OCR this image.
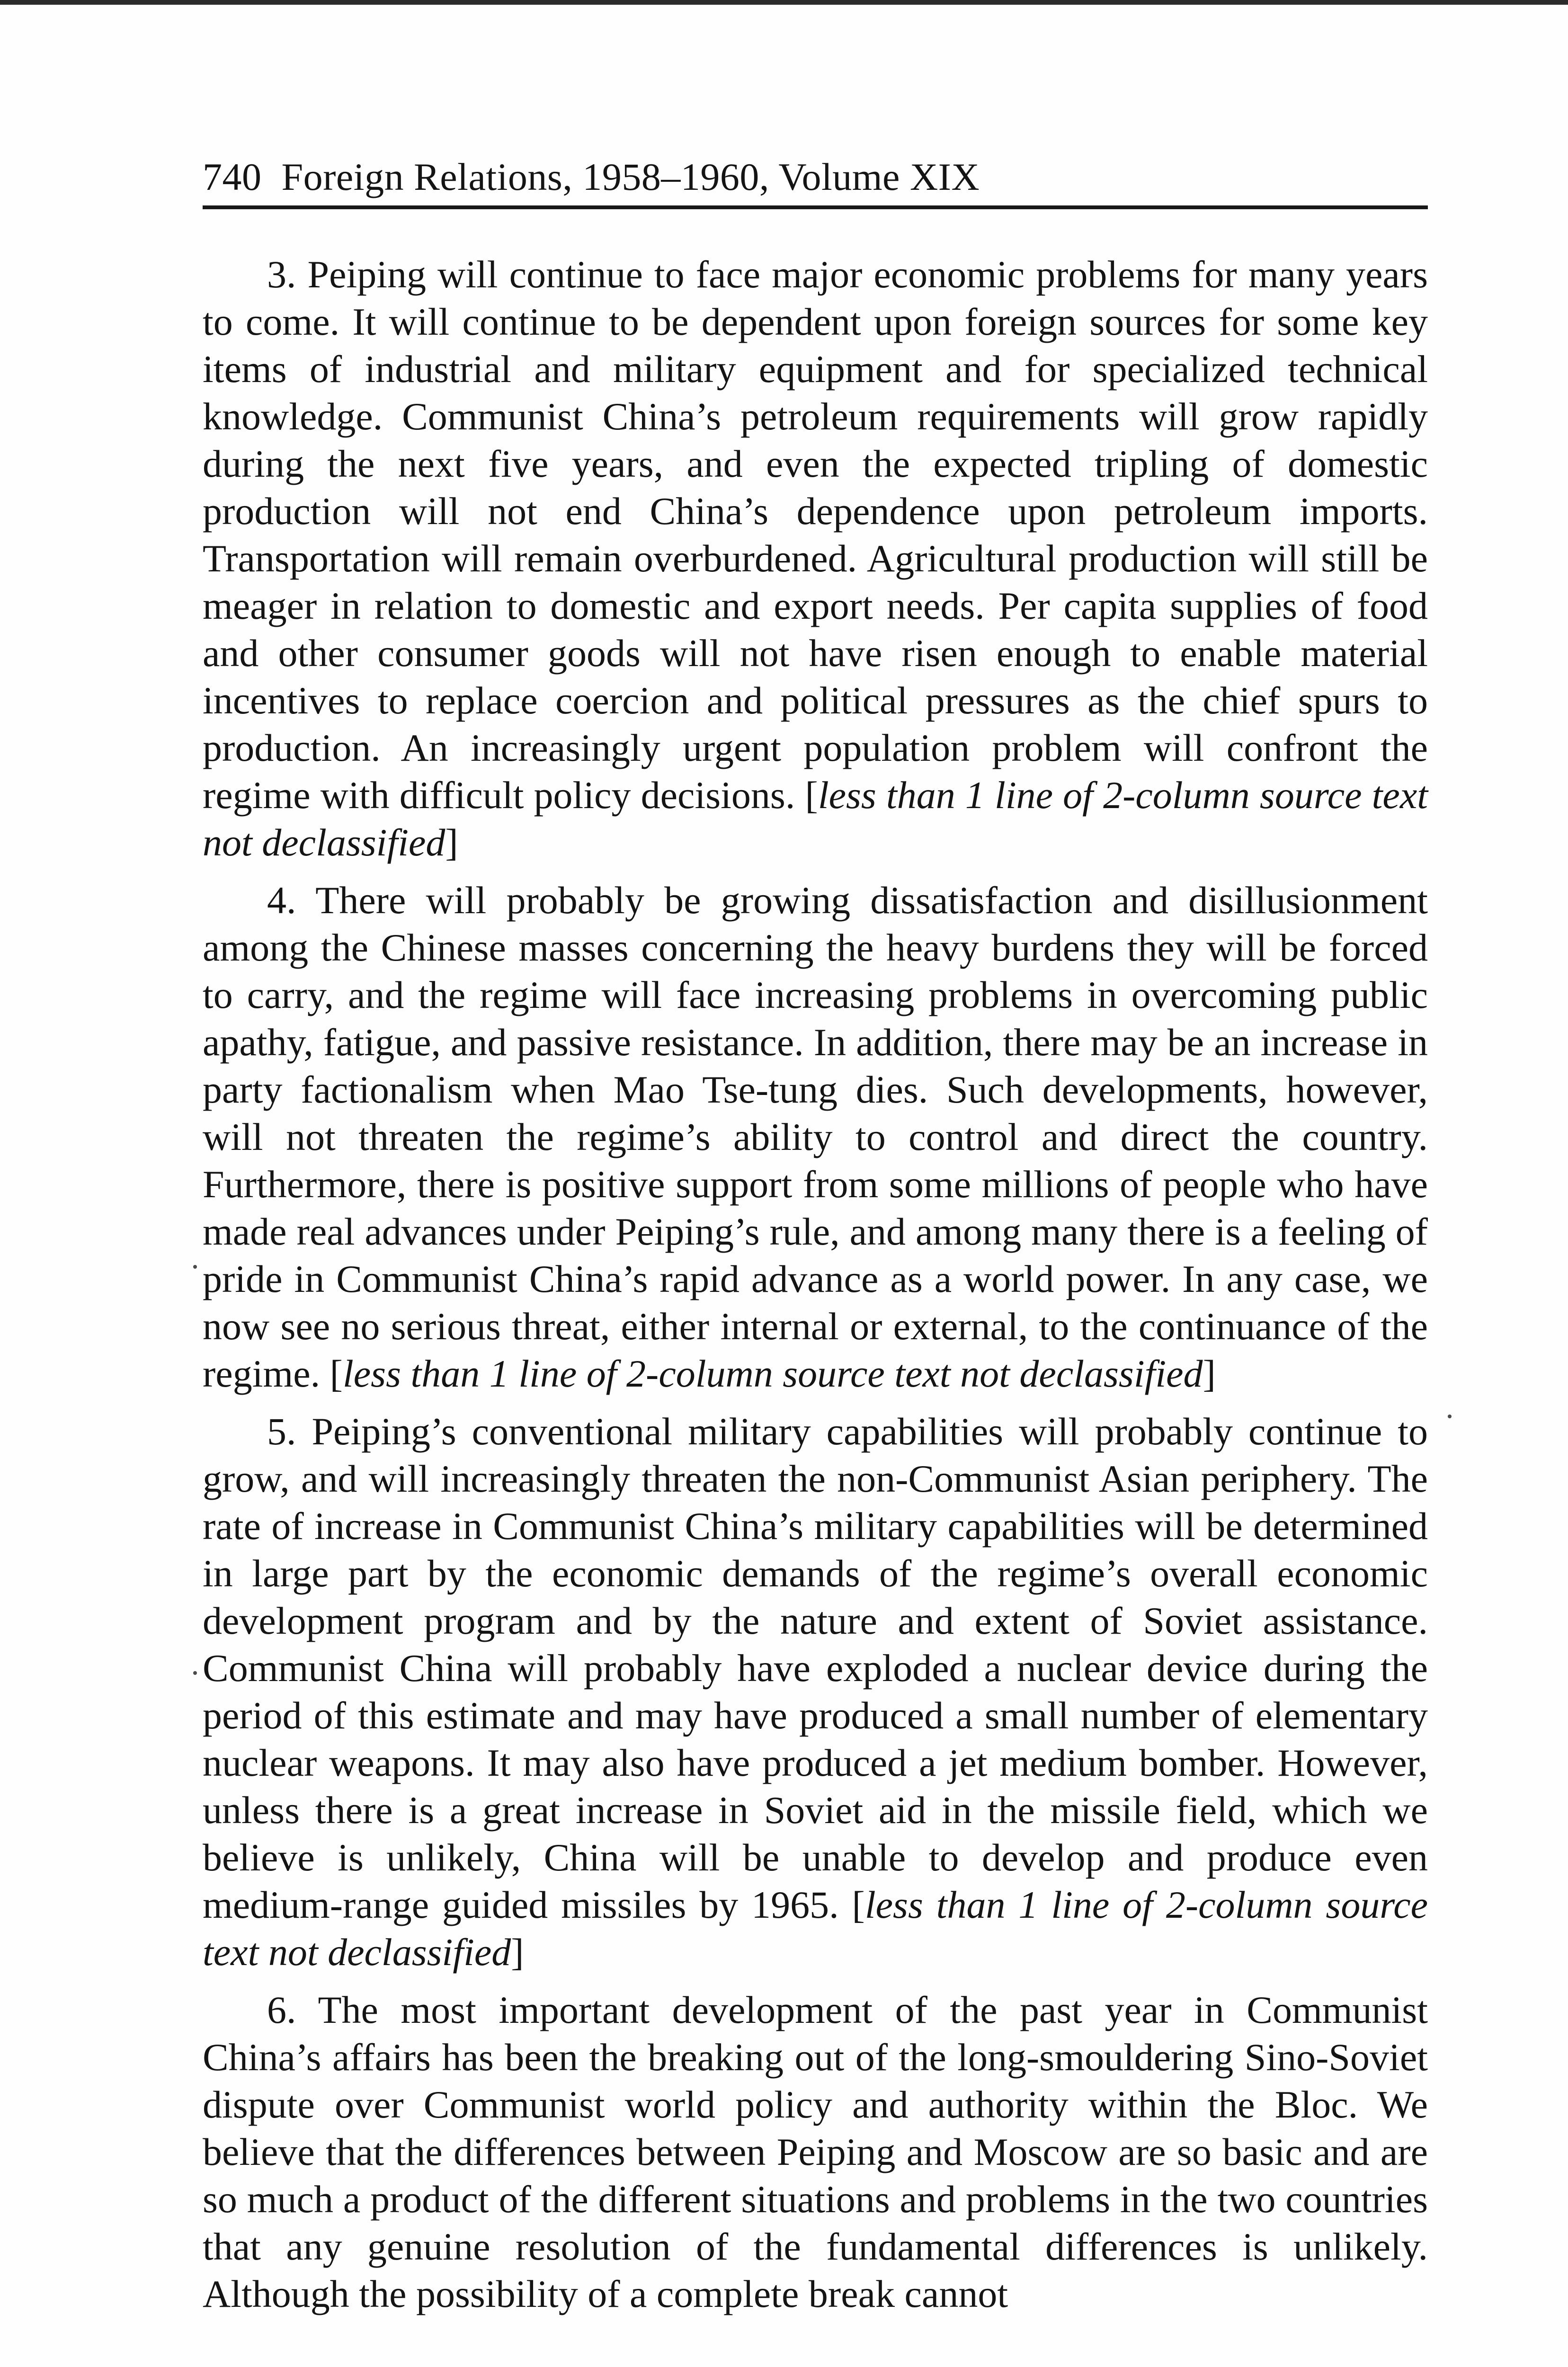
740 Foreign Relations, 1958–1960, Volume XIX

3. Peiping will continue to face major economic problems for many years to come. It will continue to be dependent upon foreign sources for some key items of industrial and military equipment and for specialized technical knowledge. Communist China’s petroleum requirements will grow rapidly during the next five years, and even the expected tripling of domestic production will not end China’s dependence upon petroleum imports. Transportation will remain overburdened. Agricultural production will still be meager in relation to domestic and export needs. Per capita supplies of food and other consumer goods will not have risen enough to enable material incentives to replace coercion and political pressures as the chief spurs to production. An increasingly urgent population problem will confront the regime with difficult policy decisions. [less than 1 line of 2-column source text not declassified]

4. There will probably be growing dissatisfaction and disillusionment among the Chinese masses concerning the heavy burdens they will be forced to carry, and the regime will face increasing problems in overcoming public apathy, fatigue, and passive resistance. In addition, there may be an increase in party factionalism when Mao Tse-tung dies. Such developments, however, will not threaten the regime’s ability to control and direct the country. Furthermore, there is positive support from some millions of people who have made real advances under Peiping’s rule, and among many there is a feeling of pride in Communist China’s rapid advance as a world power. In any case, we now see no serious threat, either internal or external, to the continuance of the regime. [less than 1 line of 2-column source text not declassified]

5. Peiping’s conventional military capabilities will probably continue to grow, and will increasingly threaten the non-Communist Asian periphery. The rate of increase in Communist China’s military capabilities will be determined in large part by the economic demands of the regime’s overall economic development program and by the nature and extent of Soviet assistance. Communist China will probably have exploded a nuclear device during the period of this estimate and may have produced a small number of elementary nuclear weapons. It may also have produced a jet medium bomber. However, unless there is a great increase in Soviet aid in the missile field, which we believe is unlikely, China will be unable to develop and produce even medium-range guided missiles by 1965. [less than 1 line of 2-column source text not declassified]

6. The most important development of the past year in Communist China’s affairs has been the breaking out of the long-smouldering Sino-Soviet dispute over Communist world policy and authority within the Bloc. We believe that the differences between Peiping and Moscow are so basic and are so much a product of the different situations and problems in the two countries that any genuine resolution of the fundamental differences is unlikely. Although the possibility of a complete break cannot
